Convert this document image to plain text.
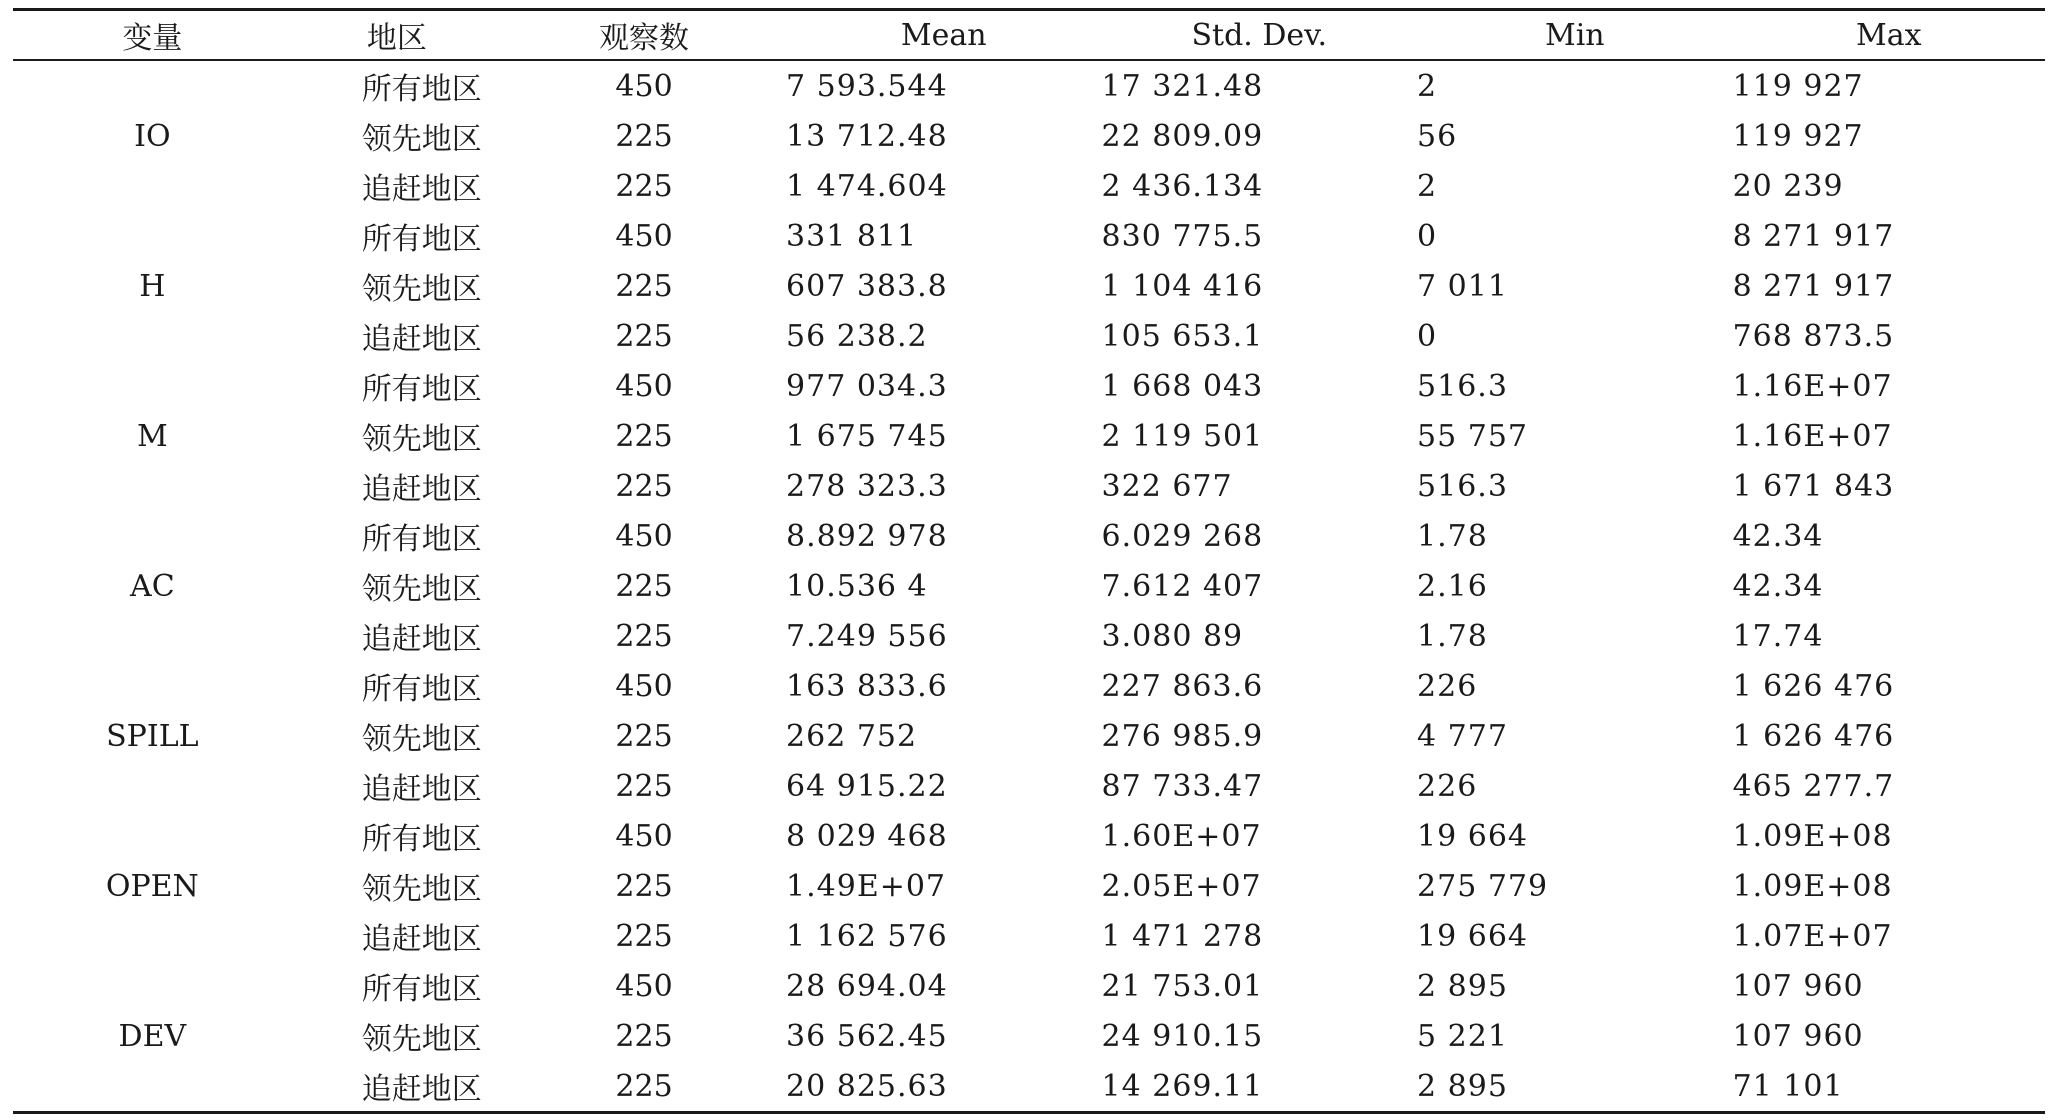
变量	地区	观察数	Mean	Std. Dev.	Min	Max
	所有地区	450	7 593.544	17 321.48	2	119 927
IO	领先地区	225	13 712.48	22 809.09	56	119 927
	追赶地区	225	1 474.604	2 436.134	2	20 239
	所有地区	450	331 811	830 775.5	0	8 271 917
H	领先地区	225	607 383.8	1 104 416	7 011	8 271 917
	追赶地区	225	56 238.2	105 653.1	0	768 873.5
	所有地区	450	977 034.3	1 668 043	516.3	1.16E+07
M	领先地区	225	1 675 745	2 119 501	55 757	1.16E+07
	追赶地区	225	278 323.3	322 677	516.3	1 671 843
	所有地区	450	8.892 978	6.029 268	1.78	42.34
AC	领先地区	225	10.536 4	7.612 407	2.16	42.34
	追赶地区	225	7.249 556	3.080 89	1.78	17.74
	所有地区	450	163 833.6	227 863.6	226	1 626 476
SPILL	领先地区	225	262 752	276 985.9	4 777	1 626 476
	追赶地区	225	64 915.22	87 733.47	226	465 277.7
	所有地区	450	8 029 468	1.60E+07	19 664	1.09E+08
OPEN	领先地区	225	1.49E+07	2.05E+07	275 779	1.09E+08
	追赶地区	225	1 162 576	1 471 278	19 664	1.07E+07
	所有地区	450	28 694.04	21 753.01	2 895	107 960
DEV	领先地区	225	36 562.45	24 910.15	5 221	107 960
	追赶地区	225	20 825.63	14 269.11	2 895	71 101
